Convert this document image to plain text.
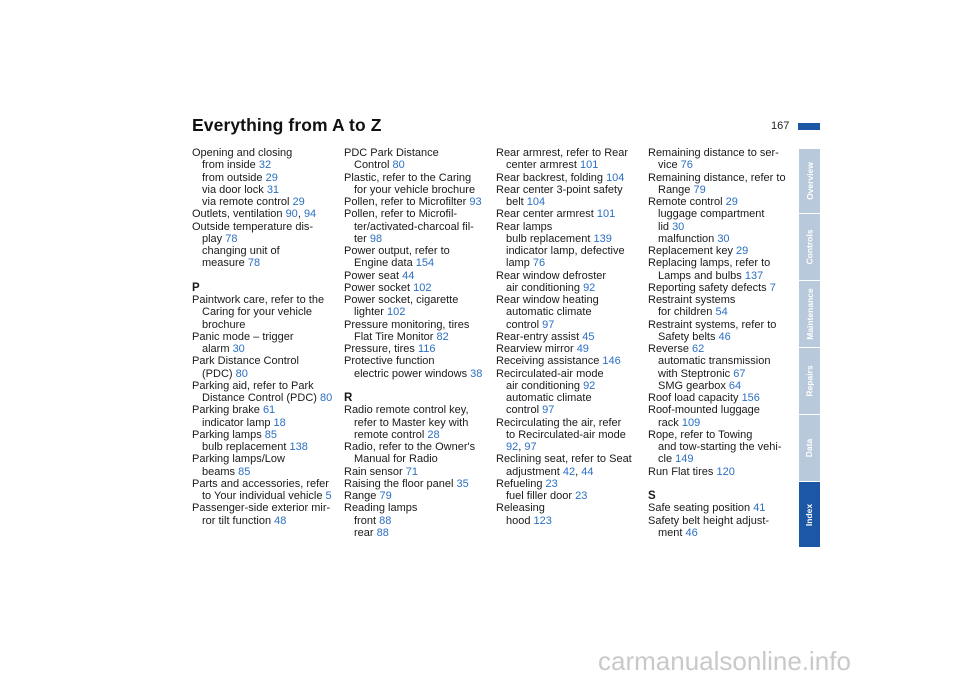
Everything from A to Z	167
Opening and closing
from inside 32
from outside 29
via door lock 31
via remote control 29
Outlets, ventilation 90, 94
Outside temperature dis-
play 78
changing unit of
measure 78
P
Paintwork care, refer to the
Caring for your vehicle
brochure
Panic mode – trigger
alarm 30
Park Distance Control
(PDC) 80
Parking aid, refer to Park
Distance Control (PDC) 80
Parking brake 61
indicator lamp 18
Parking lamps 85
bulb replacement 138
Parking lamps/Low
beams 85
Parts and accessories, refer
to Your individual vehicle 5
Passenger-side exterior mir-
ror tilt function 48
PDC Park Distance
Control 80
Plastic, refer to the Caring
for your vehicle brochure
Pollen, refer to Microfilter 93
Pollen, refer to Microfil-
ter/activated-charcoal fil-
ter 98
Power output, refer to
Engine data 154
Power seat 44
Power socket 102
Power socket, cigarette
lighter 102
Pressure monitoring, tires
Flat Tire Monitor 82
Pressure, tires 116
Protective function
electric power windows 38
R
Radio remote control key,
refer to Master key with
remote control 28
Radio, refer to the Owner's
Manual for Radio
Rain sensor 71
Raising the floor panel 35
Range 79
Reading lamps
front 88
rear 88
Rear armrest, refer to Rear
center armrest 101
Rear backrest, folding 104
Rear center 3-point safety
belt 104
Rear center armrest 101
Rear lamps
bulb replacement 139
indicator lamp, defective
lamp 76
Rear window defroster
air conditioning 92
Rear window heating
automatic climate
control 97
Rear-entry assist 45
Rearview mirror 49
Receiving assistance 146
Recirculated-air mode
air conditioning 92
automatic climate
control 97
Recirculating the air, refer
to Recirculated-air mode
92, 97
Reclining seat, refer to Seat
adjustment 42, 44
Refueling 23
fuel filler door 23
Releasing
hood 123
Remaining distance to ser-
vice 76
Remaining distance, refer to
Range 79
Remote control 29
luggage compartment
lid 30
malfunction 30
Replacement key 29
Replacing lamps, refer to
Lamps and bulbs 137
Reporting safety defects 7
Restraint systems
for children 54
Restraint systems, refer to
Safety belts 46
Reverse 62
automatic transmission
with Steptronic 67
SMG gearbox 64
Roof load capacity 156
Roof-mounted luggage
rack 109
Rope, refer to Towing
and tow-starting the vehi-
cle 149
Run Flat tires 120
S
Safe seating position 41
Safety belt height adjust-
ment 46
Overview
Controls
Maintenance
Repairs
Data
Index
carmanualsonline.info
